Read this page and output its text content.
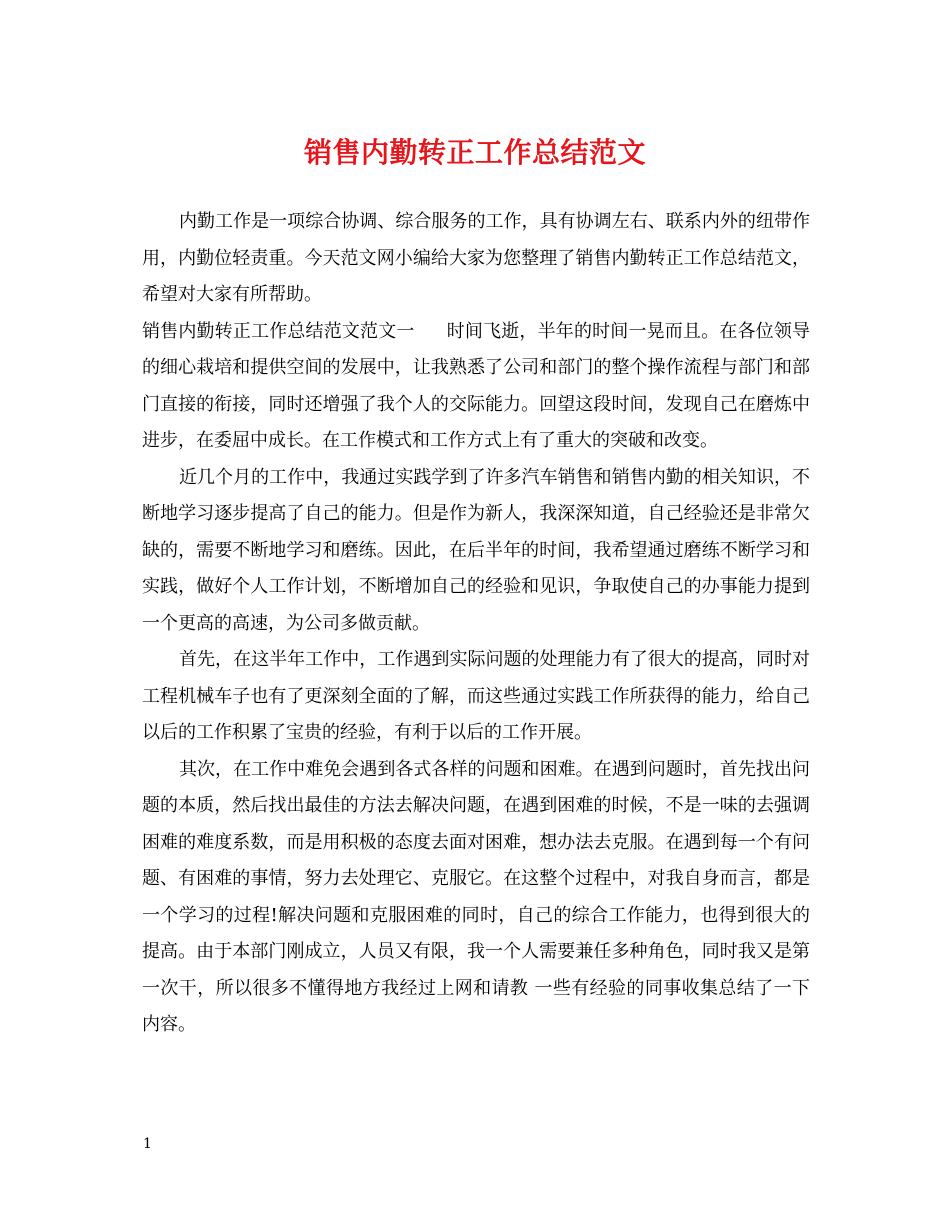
销售内勤转正工作总结范文

内勤工作是一项综合协调、综合服务的工作，具有协调左右、联系内外的纽带作用，内勤位轻责重。今天范文网小编给大家为您整理了销售内勤转正工作总结范文，希望对大家有所帮助。

销售内勤转正工作总结范文范文一 时间飞逝，半年的时间一晃而且。在各位领导的细心栽培和提供空间的发展中，让我熟悉了公司和部门的整个操作流程与部门和部门直接的衔接，同时还增强了我个人的交际能力。回望这段时间，发现自己在磨炼中进步，在委屈中成长。在工作模式和工作方式上有了重大的突破和改变。

近几个月的工作中，我通过实践学到了许多汽车销售和销售内勤的相关知识，不断地学习逐步提高了自己的能力。但是作为新人，我深深知道，自己经验还是非常欠缺的，需要不断地学习和磨练。因此，在后半年的时间，我希望通过磨练不断学习和实践，做好个人工作计划，不断增加自己的经验和见识，争取使自己的办事能力提到一个更高的高速，为公司多做贡献。

首先，在这半年工作中，工作遇到实际问题的处理能力有了很大的提高，同时对工程机械车子也有了更深刻全面的了解，而这些通过实践工作所获得的能力，给自己以后的工作积累了宝贵的经验，有利于以后的工作开展。

其次，在工作中难免会遇到各式各样的问题和困难。在遇到问题时，首先找出问题的本质，然后找出最佳的方法去解决问题，在遇到困难的时候，不是一味的去强调困难的难度系数，而是用积极的态度去面对困难，想办法去克服。在遇到每一个有问题、有困难的事情，努力去处理它、克服它。在这整个过程中，对我自身而言，都是一个学习的过程!解决问题和克服困难的同时，自己的综合工作能力，也得到很大的提高。由于本部门刚成立，人员又有限，我一个人需要兼任多种角色，同时我又是第一次干，所以很多不懂得地方我经过上网和请教 一些有经验的同事收集总结了一下内容。

1
